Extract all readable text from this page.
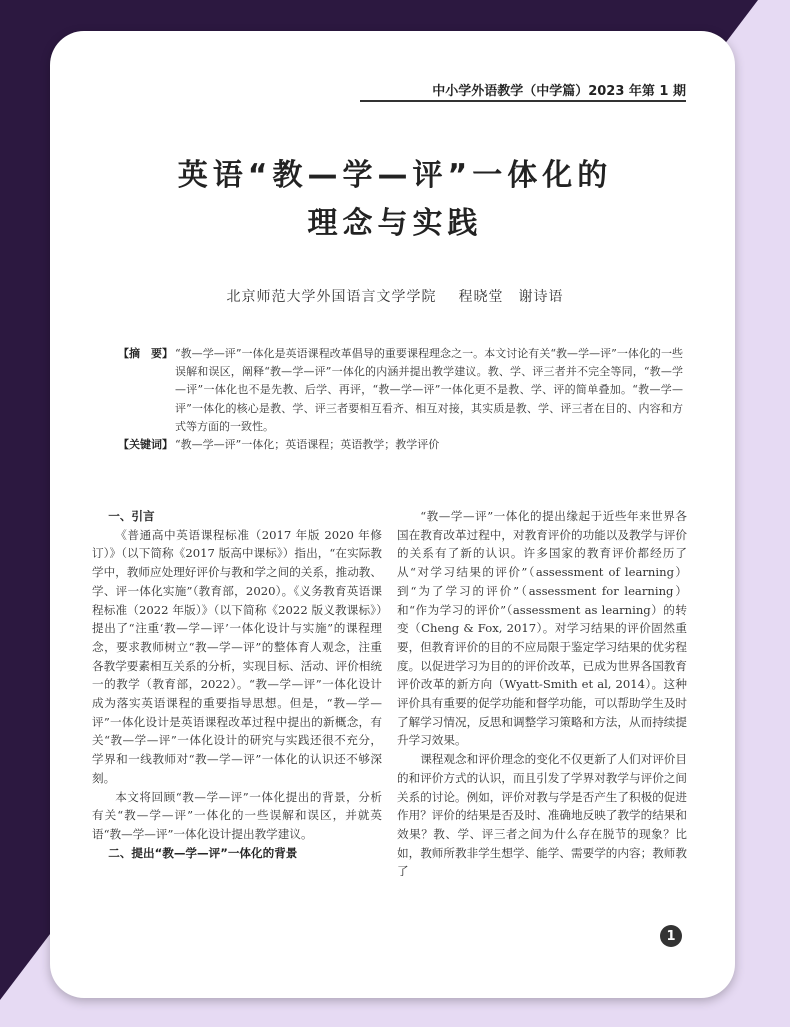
中小学外语教学（中学篇）2023 年第 1 期
英语“教—学—评”一体化的
理念与实践
北京师范大学外国语言文学学院 程晓堂　谢诗语
【摘　要】 “教—学—评”一体化是英语课程改革倡导的重要课程理念之一。本文讨论有关“教—学—评”一体化的一些误解和误区，阐释“教—学—评”一体化的内涵并提出教学建议。教、学、评三者并不完全等同，“教—学—评”一体化也不是先教、后学、再评，“教—学—评”一体化更不是教、学、评的简单叠加。“教—学—评”一体化的核心是教、学、评三者要相互看齐、相互对接，其实质是教、学、评三者在目的、内容和方式等方面的一致性。
【关键词】 “教—学—评”一体化；英语课程；英语教学；教学评价
一、引言

《普通高中英语课程标准（2017 年版 2020 年修订）》（以下简称《2017 版高中课标》）指出，“在实际教学中，教师应处理好评价与教和学之间的关系，推动教、学、评一体化实施”（教育部，2020）。《义务教育英语课程标准（2022 年版）》（以下简称《2022 版义教课标》）提出了“注重‘教—学—评’一体化设计与实施”的课程理念，要求教师树立“教—学—评”的整体育人观念，注重各教学要素相互关系的分析，实现目标、活动、评价相统一的教学（教育部，2022）。“教—学—评”一体化设计成为落实英语课程的重要指导思想。但是，“教—学—评”一体化设计是英语课程改革过程中提出的新概念，有关“教—学—评”一体化设计的研究与实践还很不充分，学界和一线教师对“教—学—评”一体化的认识还不够深刻。

本文将回顾“教—学—评”一体化提出的背景，分析有关“教—学—评”一体化的一些误解和误区，并就英语“教—学—评”一体化设计提出教学建议。

二、提出“教—学—评”一体化的背景

“教—学—评”一体化的提出缘起于近些年来世界各国在教育改革过程中，对教育评价的功能以及教学与评价的关系有了新的认识。许多国家的教育评价都经历了从“对学习结果的评价”（assessment of learning）到“为了学习的评价”（assessment for learning）和“作为学习的评价”（assessment as learning）的转变（Cheng & Fox, 2017）。对学习结果的评价固然重要，但教育评价的目的不应局限于鉴定学习结果的优劣程度。以促进学习为目的的评价改革，已成为世界各国教育评价改革的新方向（Wyatt-Smith et al, 2014）。这种评价具有重要的促学功能和督学功能，可以帮助学生及时了解学习情况，反思和调整学习策略和方法，从而持续提升学习效果。

课程观念和评价理念的变化不仅更新了人们对评价目的和评价方式的认识，而且引发了学界对教学与评价之间关系的讨论。例如，评价对教与学是否产生了积极的促进作用？评价的结果是否及时、准确地反映了教学的结果和效果？教、学、评三者之间为什么存在脱节的现象？比如，教师所教非学生想学、能学、需要学的内容；教师教了

1
